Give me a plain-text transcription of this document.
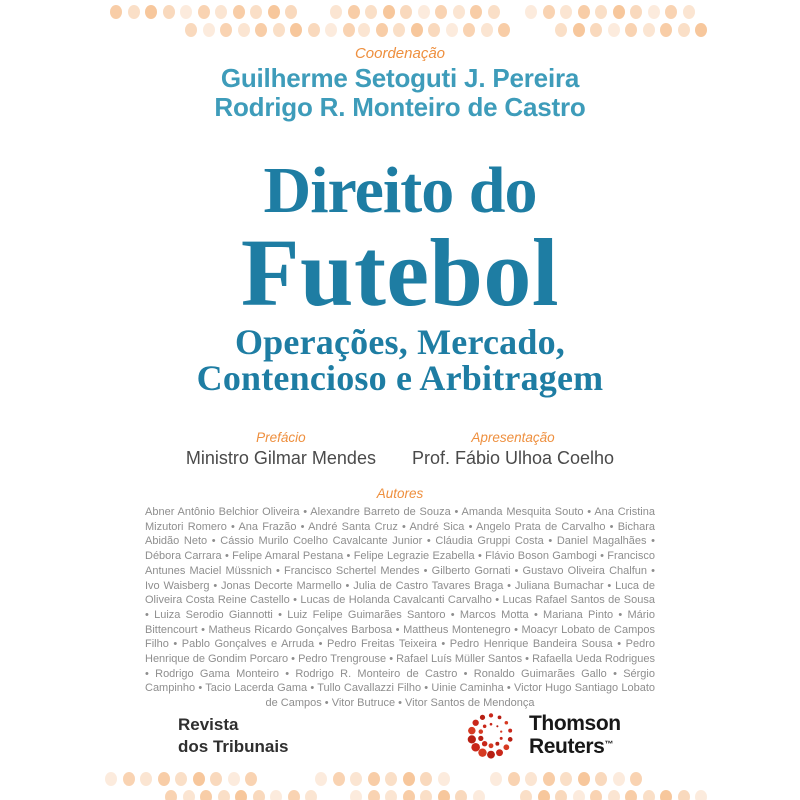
Coordenação
Guilherme Setoguti J. Pereira
Rodrigo R. Monteiro de Castro
Direito do
Futebol
Operações, Mercado,
Contencioso e Arbitragem
Prefácio
Ministro Gilmar Mendes
Apresentação
Prof. Fábio Ulhoa Coelho
Autores

Abner Antônio Belchior Oliveira • Alexandre Barreto de Souza • Amanda Mesquita Souto • Ana Cristina Mizutori Romero • Ana Frazão • André Santa Cruz • André Sica • Angelo Prata de Carvalho • Bichara Abidão Neto • Cássio Murilo Coelho Cavalcante Junior • Cláudia Gruppi Costa • Daniel Magalhães • Débora Carrara • Felipe Amaral Pestana • Felipe Legrazie Ezabella • Flávio Boson Gambogi • Francisco Antunes Maciel Müssnich • Francisco Schertel Mendes • Gilberto Gornati • Gustavo Oliveira Chalfun • Ivo Waisberg • Jonas Decorte Marmello • Julia de Castro Tavares Braga • Juliana Bumachar • Luca de Oliveira Costa Reine Castello • Lucas de Holanda Cavalcanti Carvalho • Lucas Rafael Santos de Sousa • Luiza Serodio Giannotti • Luiz Felipe Guimarães Santoro • Marcos Motta • Mariana Pinto • Mário Bittencourt • Matheus Ricardo Gonçalves Barbosa • Mattheus Montenegro • Moacyr Lobato de Campos Filho • Pablo Gonçalves e Arruda • Pedro Freitas Teixeira • Pedro Henrique Bandeira Sousa • Pedro Henrique de Gondim Porcaro • Pedro Trengrouse • Rafael Luís Müller Santos • Rafaella Ueda Rodrigues • Rodrigo Gama Monteiro • Rodrigo R. Monteiro de Castro • Ronaldo Guimarães Gallo • Sérgio Campinho • Tacio Lacerda Gama • Tullo Cavallazzi Filho • Uinie Caminha • Victor Hugo Santiago Lobato de Campos • Vitor Butruce • Vitor Santos de Mendonça

Revista
dos Tribunais
Thomson
Reuters™
